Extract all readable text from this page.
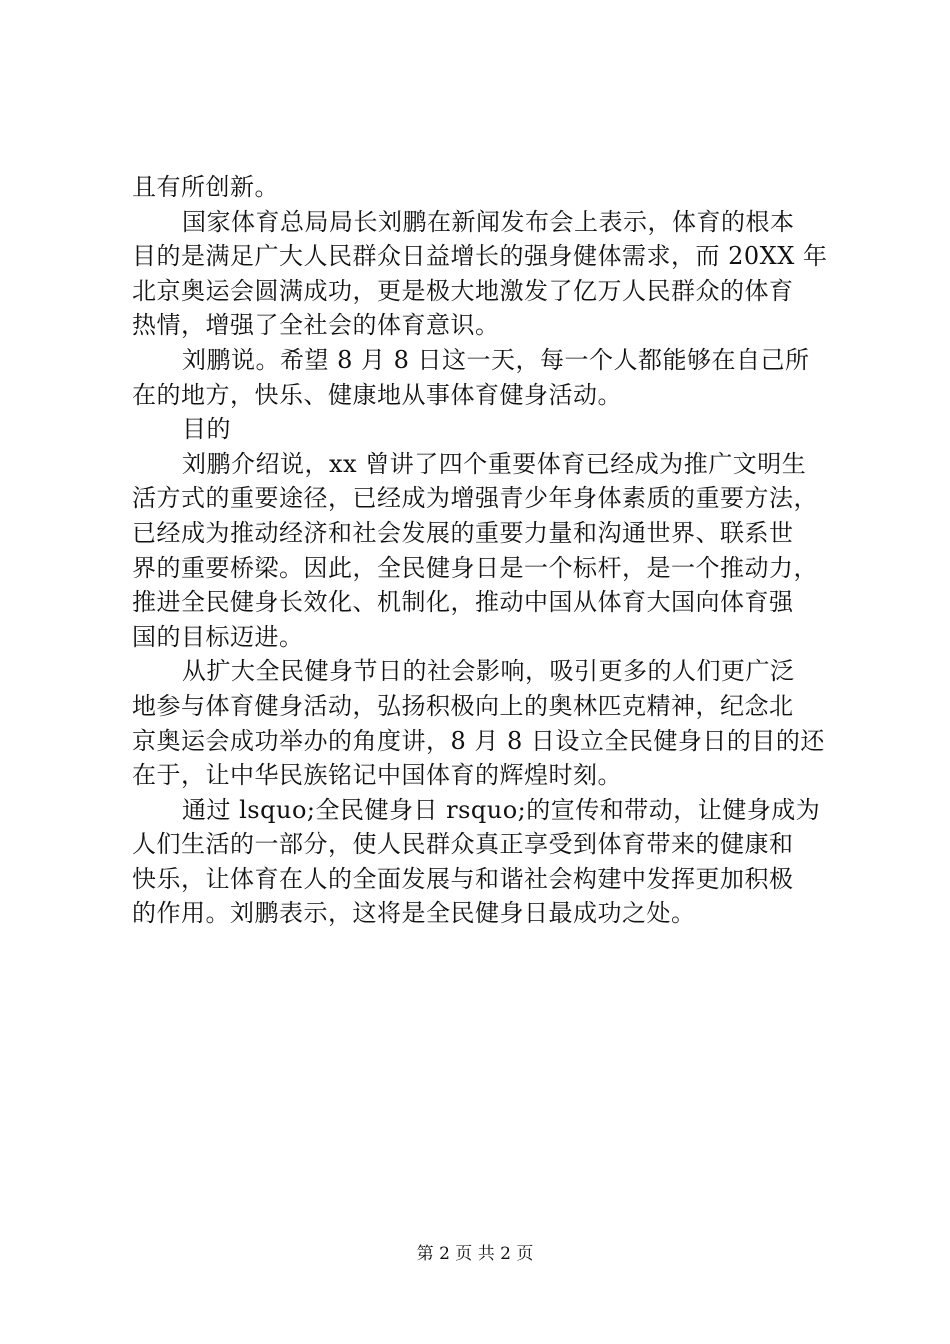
且有所创新。
国家体育总局局长刘鹏在新闻发布会上表示，体育的根本
目的是满足广大人民群众日益增长的强身健体需求，而 20XX 年
北京奥运会圆满成功，更是极大地激发了亿万人民群众的体育
热情，增强了全社会的体育意识。
刘鹏说。希望 8 月 8 日这一天，每一个人都能够在自己所
在的地方，快乐、健康地从事体育健身活动。
目的
刘鹏介绍说，xx 曾讲了四个重要体育已经成为推广文明生
活方式的重要途径，已经成为增强青少年身体素质的重要方法，
已经成为推动经济和社会发展的重要力量和沟通世界、联系世
界的重要桥梁。因此，全民健身日是一个标杆，是一个推动力，
推进全民健身长效化、机制化，推动中国从体育大国向体育强
国的目标迈进。
从扩大全民健身节日的社会影响，吸引更多的人们更广泛
地参与体育健身活动，弘扬积极向上的奥林匹克精神，纪念北
京奥运会成功举办的角度讲，8 月 8 日设立全民健身日的目的还
在于，让中华民族铭记中国体育的辉煌时刻。
通过 lsquo;全民健身日 rsquo;的宣传和带动，让健身成为
人们生活的一部分，使人民群众真正享受到体育带来的健康和
快乐，让体育在人的全面发展与和谐社会构建中发挥更加积极
的作用。刘鹏表示，这将是全民健身日最成功之处。
第 2 页 共 2 页
